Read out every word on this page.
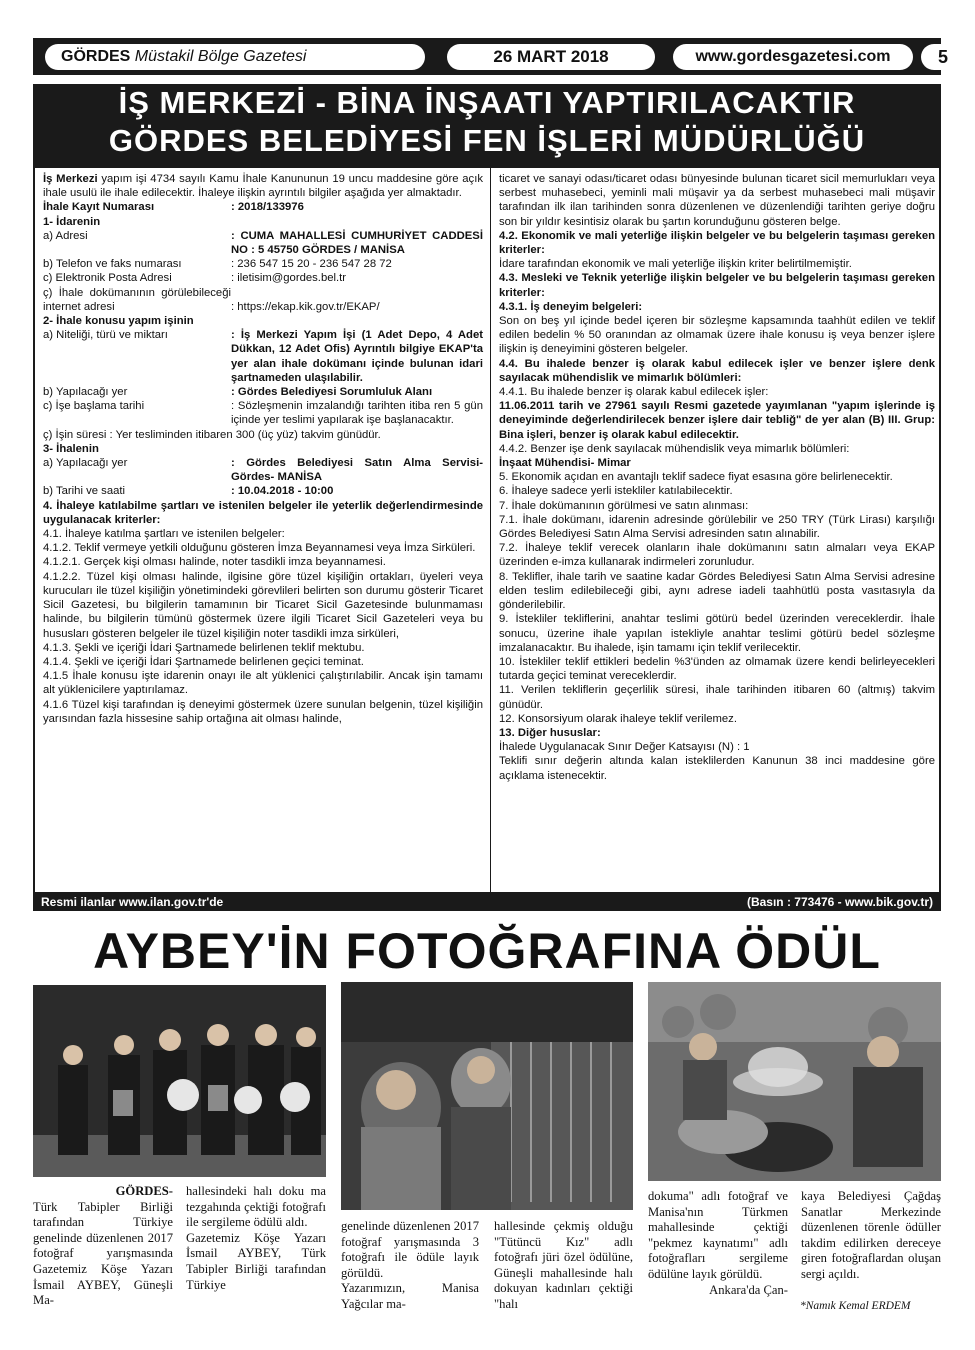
GÖRDES Müstakil Bölge Gazetesi	26 MART 2018	www.gordesgazetesi.com	5
İŞ MERKEZİ - BİNA İNŞAATI YAPTIRILACAKTIR
GÖRDES BELEDİYESİ FEN İŞLERİ MÜDÜRLÜĞÜ

İş Merkezi yapım işi 4734 sayılı Kamu İhale Kanununun 19 uncu maddesine göre açık ihale usulü ile ihale edilecektir. İhaleye ilişkin ayrıntılı bilgiler aşağıda yer almaktadır.

İhale Kayıt Numarası	: 2018/133976

1- İdarenin

a) Adresi	: CUMA MAHALLESİ CUMHURİYET CADDESİ NO : 5 45750 GÖRDES / MANİSA
b) Telefon ve faks numarası	: 236 547 15 20 - 236 547 28 72
c) Elektronik Posta Adresi	: iletisim@gordes.bel.tr
ç) İhale dokümanının görülebileceği internet adresi	: https://ekap.kik.gov.tr/EKAP/

2- İhale konusu yapım işinin

a) Niteliği, türü ve miktarı	: İş Merkezi Yapım İşi (1 Adet Depo, 4 Adet Dükkan, 12 Adet Ofis) Ayrıntılı bilgiye EKAP'ta yer alan ihale dokümanı içinde bulunan idari şartnameden ulaşılabilir.
b) Yapılacağı yer	: Gördes Belediyesi Sorumluluk Alanı
c) İşe başlama tarihi	: Sözleşmenin imzalandığı tarihten itiba ren 5 gün içinde yer teslimi yapılarak işe başlanacaktır.

ç) İşin süresi : Yer tesliminden itibaren 300 (üç yüz) takvim günüdür.

3- İhalenin

a) Yapılacağı yer	: Gördes Belediyesi Satın Alma Servisi- Gördes- MANİSA
b) Tarihi ve saati	: 10.04.2018 - 10:00

4. İhaleye katılabilme şartları ve istenilen belgeler ile yeterlik değerlendirmesinde uygulanacak kriterler:

4.1. İhaleye katılma şartları ve istenilen belgeler:

4.1.2. Teklif vermeye yetkili olduğunu gösteren İmza Beyannamesi veya İmza Sirküleri.

4.1.2.1. Gerçek kişi olması halinde, noter tasdikli imza beyannamesi.

4.1.2.2. Tüzel kişi olması halinde, ilgisine göre tüzel kişiliğin ortakları, üyeleri veya kurucuları ile tüzel kişiliğin yönetimindeki görevlileri belirten son durumu gösterir Ticaret Sicil Gazetesi, bu bilgilerin tamamının bir Ticaret Sicil Gazetesinde bulunmaması halinde, bu bilgilerin tümünü göstermek üzere ilgili Ticaret Sicil Gazeteleri veya bu hususları gösteren belgeler ile tüzel kişiliğin noter tasdikli imza sirküleri,

4.1.3. Şekli ve içeriği İdari Şartnamede belirlenen teklif mektubu.

4.1.4. Şekli ve içeriği İdari Şartnamede belirlenen geçici teminat.

4.1.5 İhale konusu işte idarenin onayı ile alt yüklenici çalıştırılabilir. Ancak işin tamamı alt yüklenicilere yaptırılamaz.

4.1.6 Tüzel kişi tarafından iş deneyimi göstermek üzere sunulan belgenin, tüzel kişiliğin yarısından fazla hissesine sahip ortağına ait olması halinde,

ticaret ve sanayi odası/ticaret odası bünyesinde bulunan ticaret sicil memurlukları veya serbest muhasebeci, yeminli mali müşavir ya da serbest muhasebeci mali müşavir tarafından ilk ilan tarihinden sonra düzenlenen ve düzenlendiği tarihten geriye doğru son bir yıldır kesintisiz olarak bu şartın korunduğunu gösteren belge.

4.2. Ekonomik ve mali yeterliğe ilişkin belgeler ve bu belgelerin taşıması gereken kriterler:

İdare tarafından ekonomik ve mali yeterliğe ilişkin kriter belirtilmemiştir.

4.3. Mesleki ve Teknik yeterliğe ilişkin belgeler ve bu belgelerin taşıması gereken kriterler:

4.3.1. İş deneyim belgeleri:

Son on beş yıl içinde bedel içeren bir sözleşme kapsamında taahhüt edilen ve teklif edilen bedelin % 50 oranından az olmamak üzere ihale konusu iş veya benzer işlere ilişkin iş deneyimini gösteren belgeler.

4.4. Bu ihalede benzer iş olarak kabul edilecek işler ve benzer işlere denk sayılacak mühendislik ve mimarlık bölümleri:

4.4.1. Bu ihalede benzer iş olarak kabul edilecek işler:

11.06.2011 tarih ve 27961 sayılı Resmi gazetede yayımlanan "yapım işlerinde iş deneyiminde değerlendirilecek benzer işlere dair tebliğ" de yer alan (B) III. Grup: Bina işleri, benzer iş olarak kabul edilecektir.

4.4.2. Benzer işe denk sayılacak mühendislik veya mimarlık bölümleri:

İnşaat Mühendisi- Mimar

5. Ekonomik açıdan en avantajlı teklif sadece fiyat esasına göre belirlenecektir.

6. İhaleye sadece yerli istekliler katılabilecektir.

7. İhale dokümanının görülmesi ve satın alınması:

7.1. İhale dokümanı, idarenin adresinde görülebilir ve 250 TRY (Türk Lirası) karşılığı Gördes Belediyesi Satın Alma Servisi adresinden satın alınabilir.

7.2. İhaleye teklif verecek olanların ihale dokümanını satın almaları veya EKAP üzerinden e-imza kullanarak indirmeleri zorunludur.

8. Teklifler, ihale tarih ve saatine kadar Gördes Belediyesi Satın Alma Servisi adresine elden teslim edilebileceği gibi, aynı adrese iadeli taahhütlü posta vasıtasıyla da gönderilebilir.

9. İstekliler tekliflerini, anahtar teslimi götürü bedel üzerinden vereceklerdir. İhale sonucu, üzerine ihale yapılan istekliyle anahtar teslimi götürü bedel sözleşme imzalanacaktır. Bu ihalede, işin tamamı için teklif verilecektir.

10. İstekliler teklif ettikleri bedelin %3'ünden az olmamak üzere kendi belirleyecekleri tutarda geçici teminat vereceklerdir.

11. Verilen tekliflerin geçerlilik süresi, ihale tarihinden itibaren 60 (altmış) takvim günüdür.

12. Konsorsiyum olarak ihaleye teklif verilemez.

13. Diğer hususlar:

İhalede Uygulanacak Sınır Değer Katsayısı (N) : 1

Teklifi sınır değerin altında kalan isteklilerden Kanunun 38 inci maddesine göre açıklama istenecektir.

Resmi ilanlar www.ilan.gov.tr'de	(Basın : 773476 - www.bik.gov.tr)
AYBEY'İN FOTOĞRAFINA ÖDÜL
GÖRDES-
Türk Tabipler Birliği tarafından Türkiye genelinde düzenlenen 2017 fotoğraf yarışmasında Gazetemiz Köşe Yazarı İsmail AYBEY, Güneşli Ma-
hallesindeki halı doku ma tezgahında çektiği fotoğrafı ile sergileme ödülü aldı.
Gazetemiz Köşe Yazarı İsmail AYBEY, Türk Tabipler Birliği tarafından Türkiye
genelinde düzenlenen 2017 fotoğraf yarışmasında 3 fotoğrafı ile ödüle layık görüldü.
Yazarımızın, Manisa Yağcılar ma-
hallesinde çekmiş olduğu "Tütüncü Kız" adlı fotoğrafı jüri özel ödülüne, Güneşli mahallesinde halı dokuyan kadınları çektiği "halı
dokuma" adlı fotoğraf ve Manisa'nın Türkmen mahallesinde çektiği "pekmez kaynatımı" adlı fotoğrafları sergileme ödülüne layık görüldü.

Ankara'da Çan-
kaya Belediyesi Çağdaş Sanatlar Merkezinde düzenlenen törenle ödüller takdim edilirken dereceye giren fotoğraflardan oluşan sergi açıldı.
*Namık Kemal ERDEM
